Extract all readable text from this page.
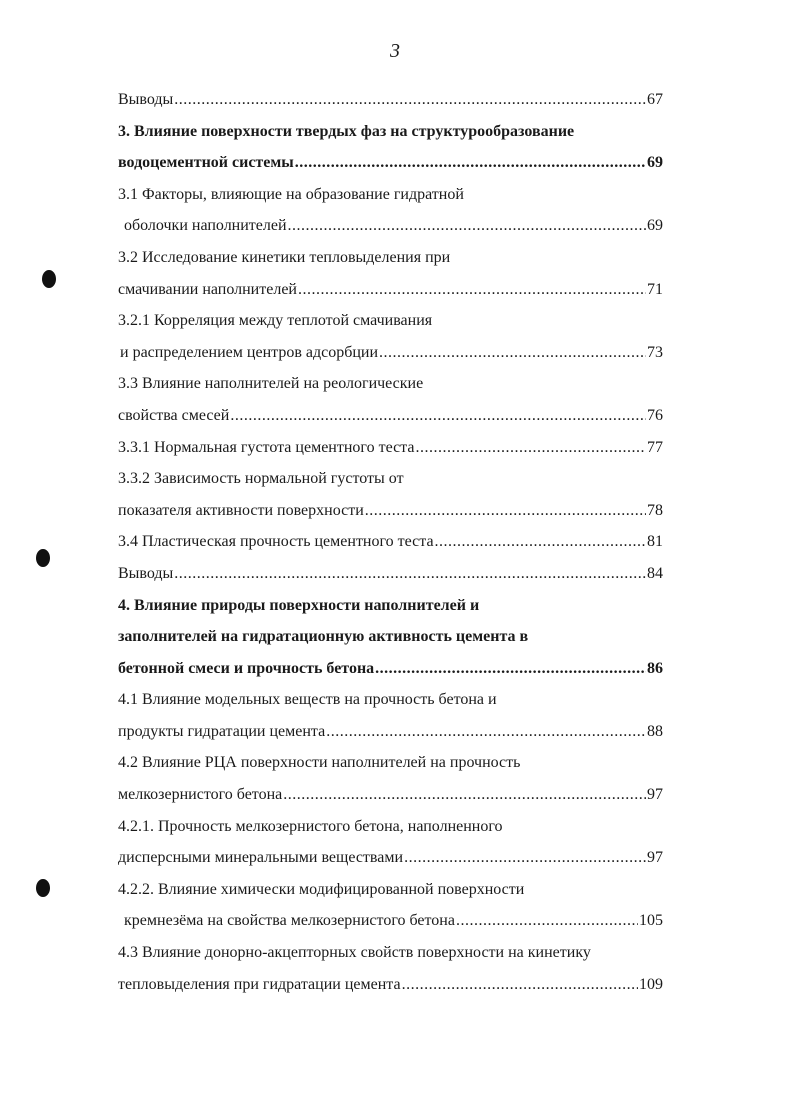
3
Выводы .....	67
3. Влияние поверхности твердых фаз на структурообразование
водоцементной системы .....	69
3.1 Факторы, влияющие на образование гидратной
оболочки наполнителей .....	69
3.2 Исследование кинетики тепловыделения при
смачивании наполнителей .....	71
3.2.1 Корреляция между теплотой смачивания
и распределением центров адсорбции .....	73
3.3 Влияние наполнителей на реологические
свойства смесей .....	76
3.3.1 Нормальная густота цементного теста .....	77
3.3.2 Зависимость нормальной густоты от
показателя активности поверхности .....	78
3.4 Пластическая прочность цементного теста .....	81
Выводы .....	84
4. Влияние природы поверхности наполнителей и
заполнителей на гидратационную активность цемента в
бетонной смеси и прочность бетона .....	86
4.1 Влияние модельных веществ на прочность бетона и
продукты гидратации цемента .....	88
4.2 Влияние РЦА поверхности наполнителей на прочность
мелкозернистого бетона .....	97
4.2.1. Прочность мелкозернистого бетона, наполненного
дисперсными минеральными веществами .....	97
4.2.2. Влияние химически модифицированной поверхности
кремнезёма на свойства мелкозернистого бетона .....	105
4.3 Влияние донорно-акцепторных свойств поверхности на кинетику
тепловыделения при гидратации цемента .....	109
